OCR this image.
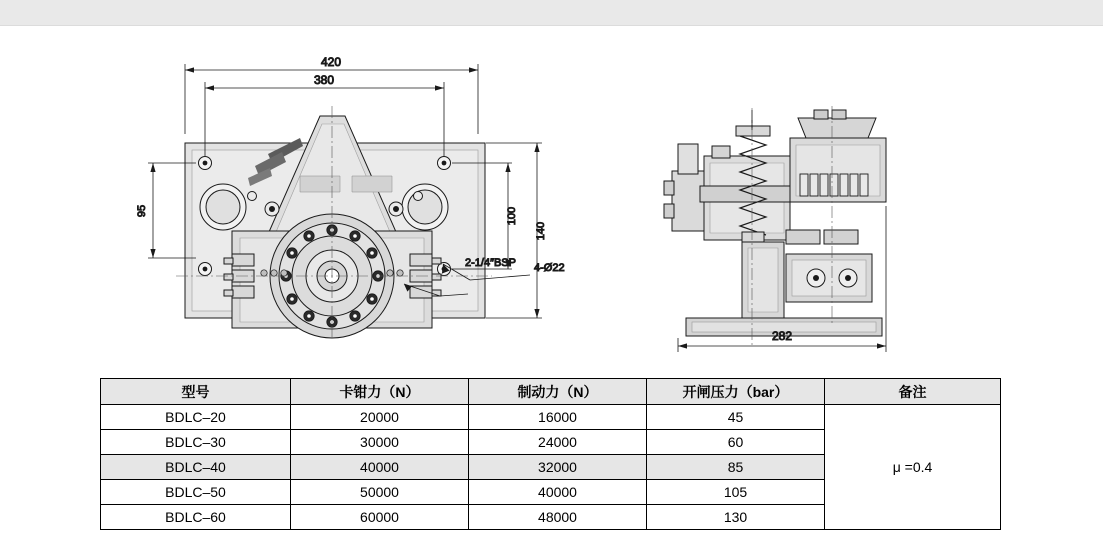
420
380
100
140
95
4-Ø22
2-1/4″BSP
282
型号	卡钳力（N）	制动力（N）	开闸压力（bar）	备注
BDLC–20	20000	16000	45	μ =0.4
BDLC–30	30000	24000	60	
BDLC–40	40000	32000	85	
BDLC–50	50000	40000	105	
BDLC–60	60000	48000	130	
